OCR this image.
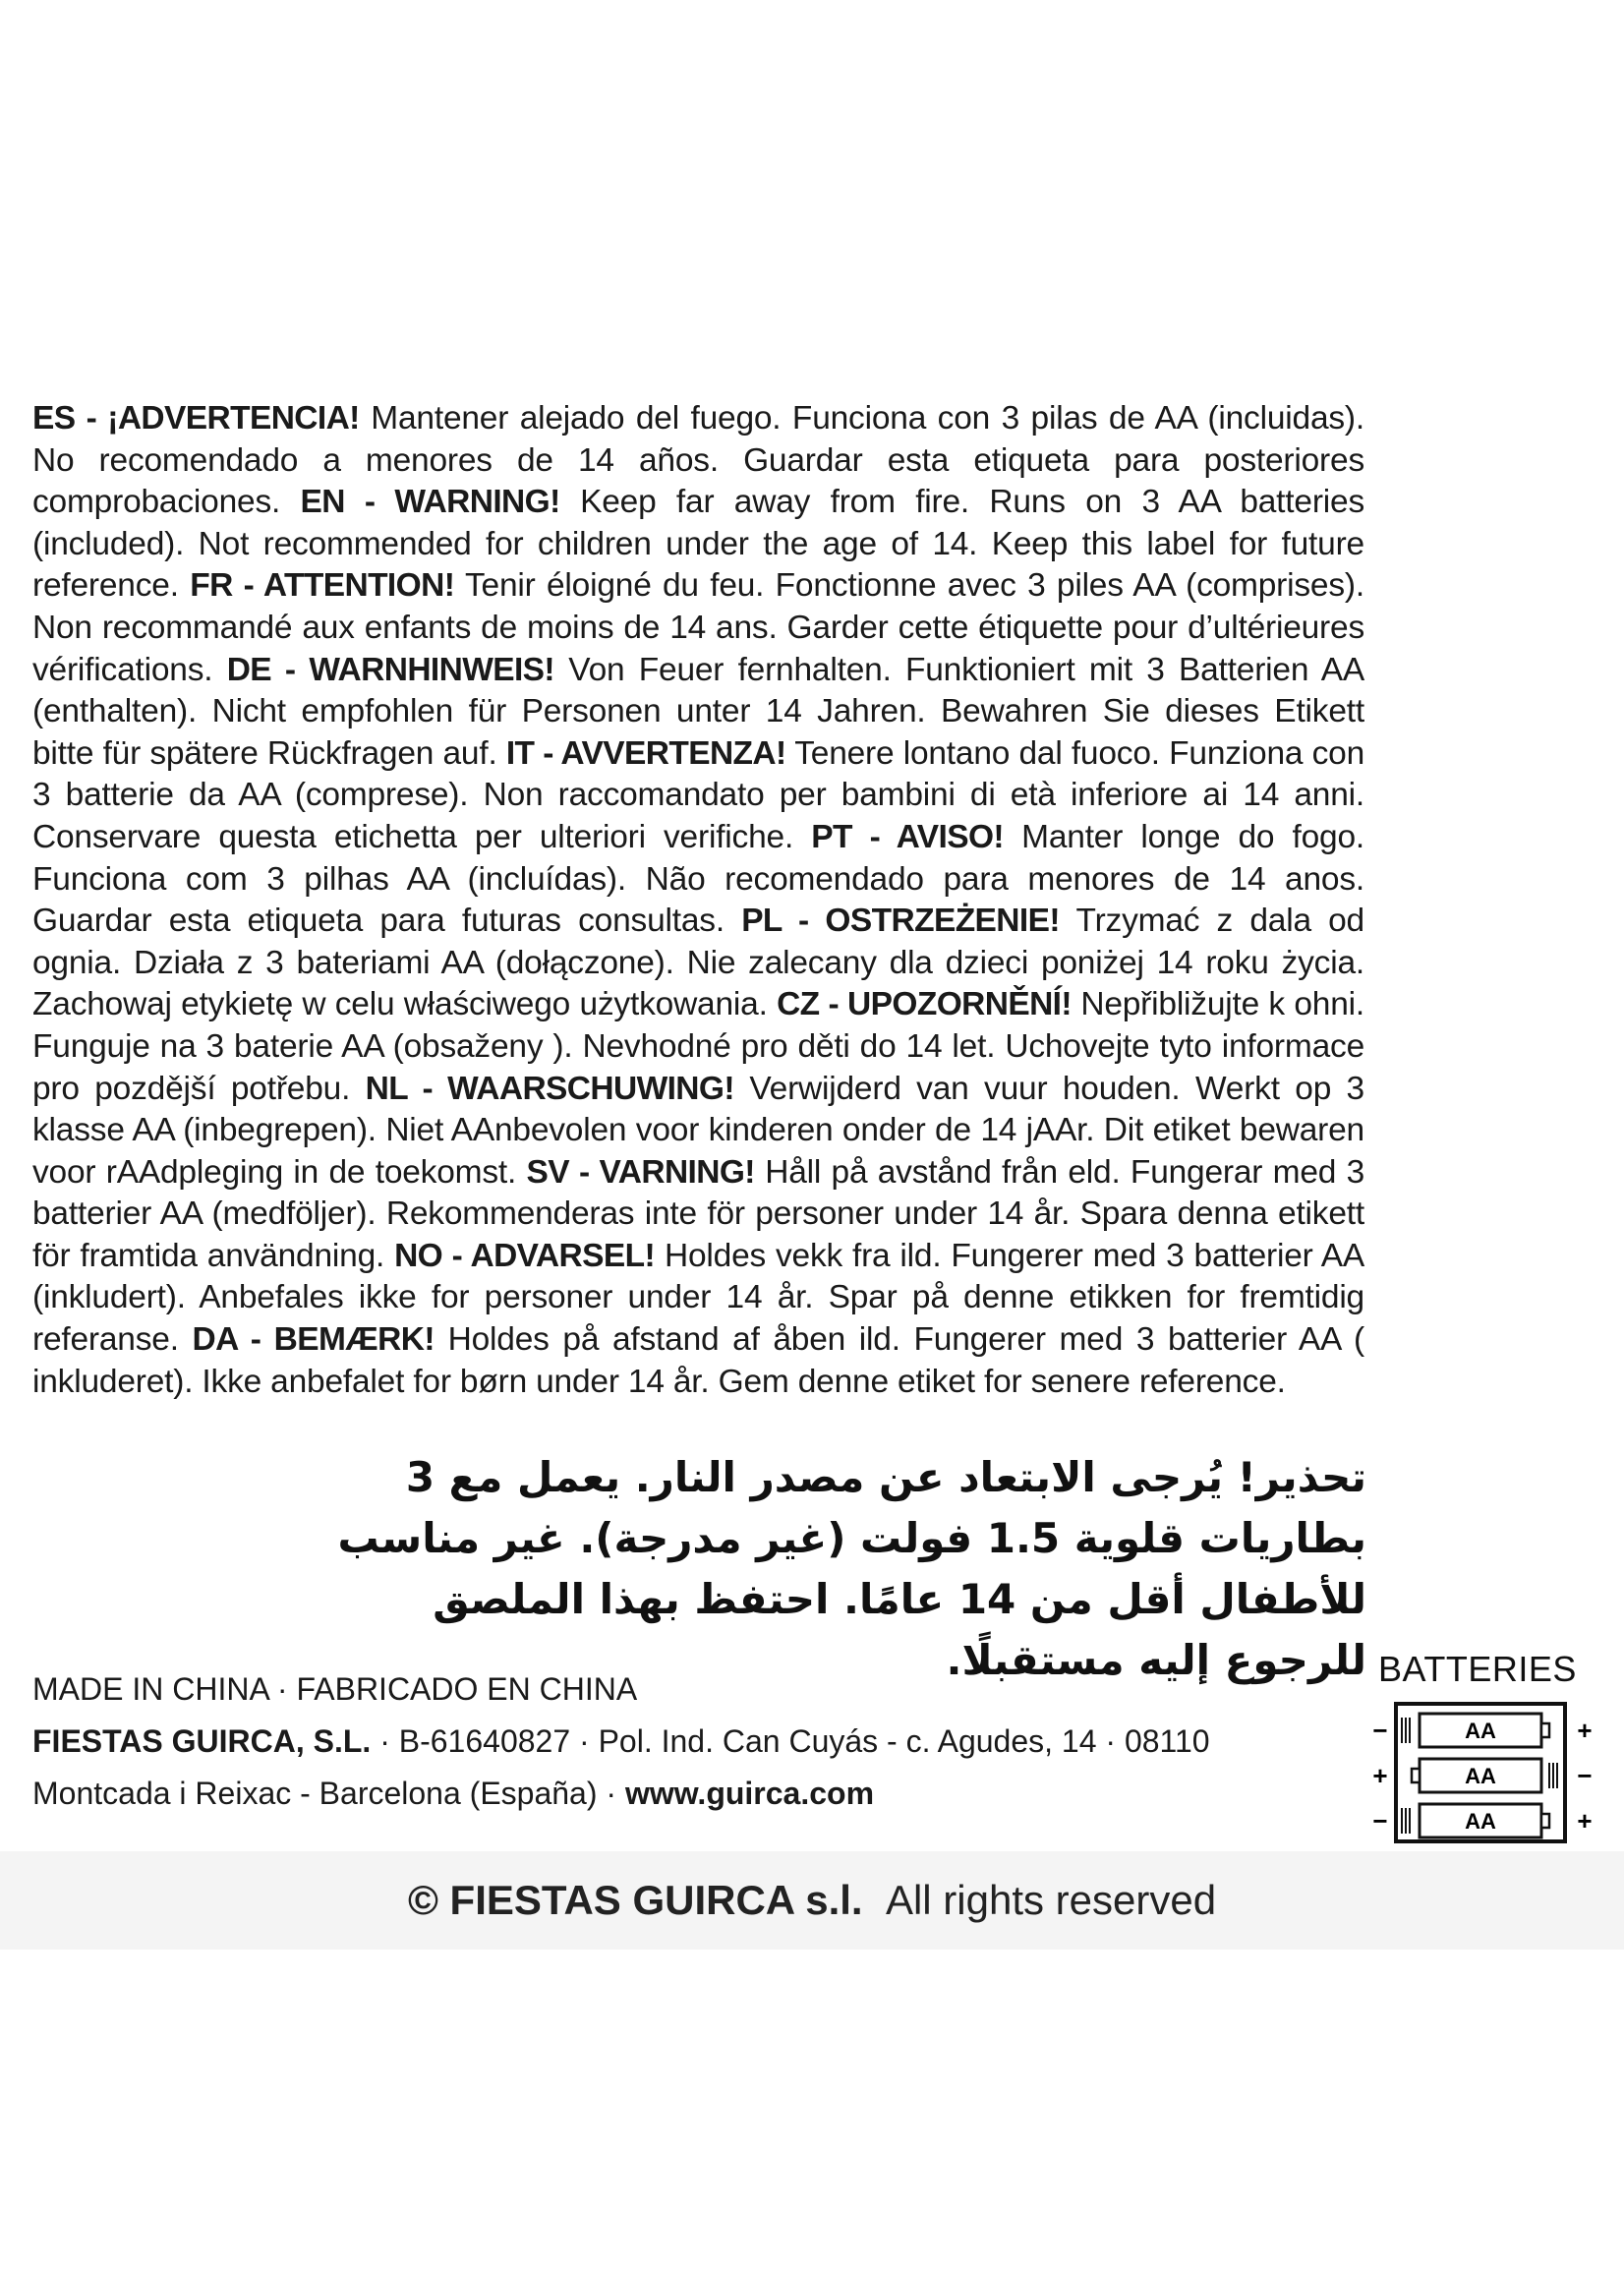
ES - ¡ADVERTENCIA! Mantener alejado del fuego. Funciona con 3 pilas de AA (incluidas). No recomendado a menores de 14 años. Guardar esta etiqueta para posteriores comprobaciones. EN - WARNING! Keep far away from fire. Runs on 3 AA batteries (included). Not recommended for children under the age of 14. Keep this label for future reference. FR - ATTENTION! Tenir éloigné du feu. Fonctionne avec 3 piles AA (comprises). Non recommandé aux enfants de moins de 14 ans. Garder cette étiquette pour d’ultérieures vérifications. DE - WARNHINWEIS! Von Feuer fernhalten. Funktioniert mit 3 Batterien AA (enthalten). Nicht empfohlen für Personen unter 14 Jahren. Bewahren Sie dieses Etikett bitte für spätere Rückfragen auf. IT - AVVERTENZA! Tenere lontano dal fuoco. Funziona con 3 batterie da AA (comprese). Non raccomandato per bambini di età inferiore ai 14 anni. Conservare questa etichetta per ulteriori verifiche. PT - AVISO! Manter longe do fogo. Funciona com 3 pilhas AA (incluídas). Não recomendado para menores de 14 anos. Guardar esta etiqueta para futuras consultas. PL - OSTRZEŻENIE! Trzymać z dala od ognia. Działa z 3 bateriami AA (dołączone). Nie zalecany dla dzieci poniżej 14 roku życia. Zachowaj etykietę w celu właściwego użytkowania. CZ - UPOZORNĚNÍ! Nepřibližujte k ohni. Funguje na 3 baterie AA (obsaženy ). Nevhodné pro děti do 14 let. Uchovejte tyto informace pro pozdější potřebu. NL - WAARSCHUWING! Verwijderd van vuur houden. Werkt op 3 klasse AA (inbegrepen). Niet AAnbevolen voor kinderen onder de 14 jAAr. Dit etiket bewaren voor rAAdpleging in de toekomst. SV - VARNING! Håll på avstånd från eld. Fungerar med 3 batterier AA (medföljer). Rekommenderas inte för personer under 14 år. Spara denna etikett för framtida användning. NO - ADVARSEL! Holdes vekk fra ild. Fungerer med 3 batterier AA (inkludert). Anbefales ikke for personer under 14 år. Spar på denne etikken for fremtidig referanse. DA - BEMÆRK! Holdes på afstand af åben ild. Fungerer med 3 batterier AA ( inkluderet). Ikke anbefalet for børn under 14 år. Gem denne etiket for senere reference.

تحذير! يُرجى الابتعاد عن مصدر النار. يعمل مع 3 بطاريات قلوية 1.5 فولت (غير مدرجة). غير مناسب للأطفال أقل من 14 عامًا. احتفظ بهذا الملصق للرجوع إليه مستقبلًا.

MADE IN CHINA · FABRICADO EN CHINA
FIESTAS GUIRCA, S.L. · B-61640827 · Pol. Ind. Can Cuyás - c. Agudes, 14 · 08110
Montcada i Reixac - Barcelona (España) · www.guirca.com
BATTERIES
AA
−	+
AA
+	−
AA
−	+
© FIESTAS GUIRCA s.l. All rights reserved
